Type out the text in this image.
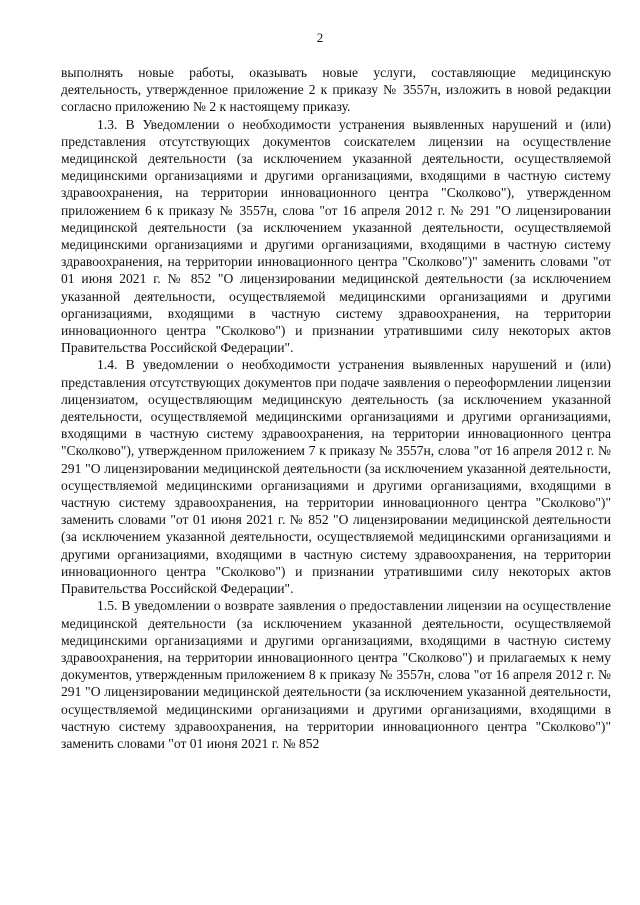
2

выполнять новые работы, оказывать новые услуги, составляющие медицинскую деятельность, утвержденное приложение 2 к приказу № 3557н, изложить в новой редакции согласно приложению № 2 к настоящему приказу.

1.3. В Уведомлении о необходимости устранения выявленных нарушений и (или) представления отсутствующих документов соискателем лицензии на осуществление медицинской деятельности (за исключением указанной деятельности, осуществляемой медицинскими организациями и другими организациями, входящими в частную систему здравоохранения, на территории инновационного центра "Сколково"), утвержденном приложением 6 к приказу № 3557н, слова "от 16 апреля 2012 г. № 291 "О лицензировании медицинской деятельности (за исключением указанной деятельности, осуществляемой медицинскими организациями и другими организациями, входящими в частную систему здравоохранения, на территории инновационного центра "Сколково")" заменить словами "от 01 июня 2021 г. № 852 "О лицензировании медицинской деятельности (за исключением указанной деятельности, осуществляемой медицинскими организациями и другими организациями, входящими в частную систему здравоохранения, на территории инновационного центра "Сколково") и признании утратившими силу некоторых актов Правительства Российской Федерации".

1.4. В уведомлении о необходимости устранения выявленных нарушений и (или) представления отсутствующих документов при подаче заявления о переоформлении лицензии лицензиатом, осуществляющим медицинскую деятельность (за исключением указанной деятельности, осуществляемой медицинскими организациями и другими организациями, входящими в частную систему здравоохранения, на территории инновационного центра "Сколково"), утвержденном приложением 7 к приказу № 3557н, слова "от 16 апреля 2012 г. № 291 "О лицензировании медицинской деятельности (за исключением указанной деятельности, осуществляемой медицинскими организациями и другими организациями, входящими в частную систему здравоохранения, на территории инновационного центра "Сколково")" заменить словами "от 01 июня 2021 г. № 852 "О лицензировании медицинской деятельности (за исключением указанной деятельности, осуществляемой медицинскими организациями и другими организациями, входящими в частную систему здравоохранения, на территории инновационного центра "Сколково") и признании утратившими силу некоторых актов Правительства Российской Федерации".

1.5. В уведомлении о возврате заявления о предоставлении лицензии на осуществление медицинской деятельности (за исключением указанной деятельности, осуществляемой медицинскими организациями и другими организациями, входящими в частную систему здравоохранения, на территории инновационного центра "Сколково") и прилагаемых к нему документов, утвержденным приложением 8 к приказу № 3557н, слова "от 16 апреля 2012 г. № 291 "О лицензировании медицинской деятельности (за исключением указанной деятельности, осуществляемой медицинскими организациями и другими организациями, входящими в частную систему здравоохранения, на территории инновационного центра "Сколково")" заменить словами "от 01 июня 2021 г. № 852
